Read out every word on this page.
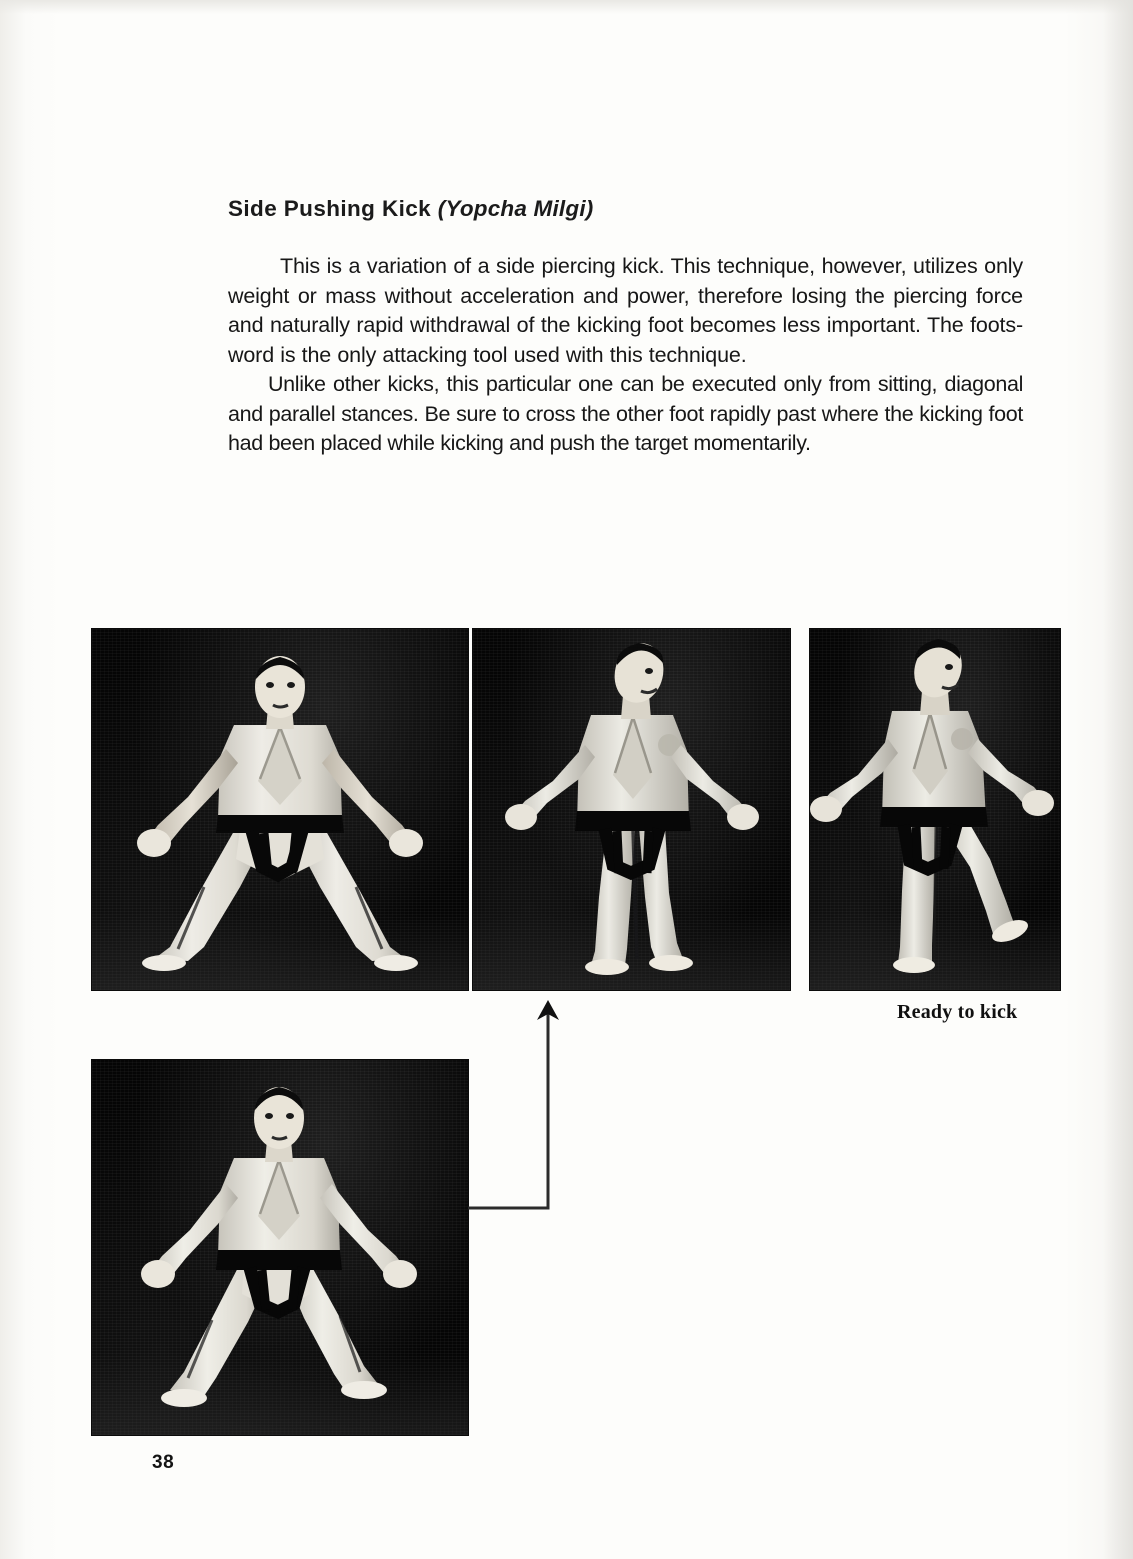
Side Pushing Kick (Yopcha Milgi)

This is a variation of a side piercing kick. This technique, however, utilizes only weight or mass without acceleration and power, therefore losing the piercing force and naturally rapid withdrawal of the kicking foot becomes less important. The foots-word is the only attacking tool used with this technique.

Unlike other kicks, this particular one can be executed only from sitting, diagonal and parallel stances. Be sure to cross the other foot rapidly past where the kicking foot had been placed while kicking and push the target momentarily.

Ready to kick
38
